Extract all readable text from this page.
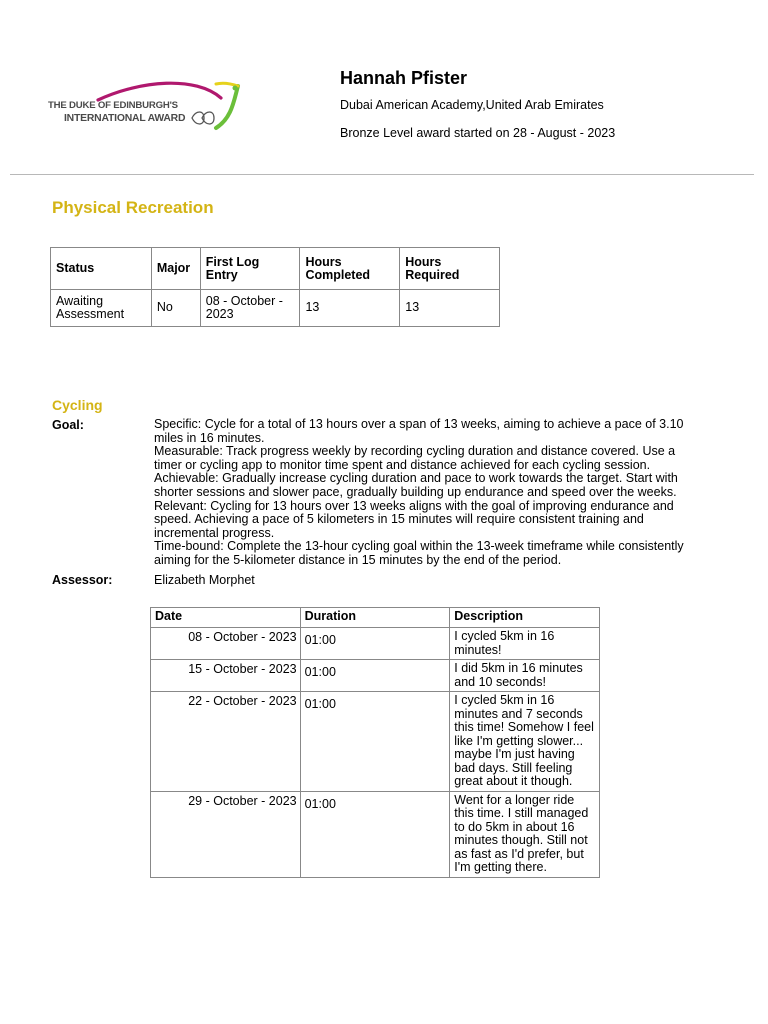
THE DUKE OF EDINBURGH'S
INTERNATIONAL AWARD
Hannah Pfister
Dubai American Academy,United Arab Emirates
Bronze Level award started on 28 - August - 2023
Physical Recreation
Status	Major	First Log Entry	Hours Completed	Hours Required
Awaiting Assessment	No	08 - October - 2023	13	13
Cycling
Goal:	Specific: Cycle for a total of 13 hours over a span of 13 weeks, aiming to achieve a pace of 3.10 miles in 16 minutes.
Measurable: Track progress weekly by recording cycling duration and distance covered. Use a timer or cycling app to monitor time spent and distance achieved for each cycling session.
Achievable: Gradually increase cycling duration and pace to work towards the target. Start with shorter sessions and slower pace, gradually building up endurance and speed over the weeks.
Relevant: Cycling for 13 hours over 13 weeks aligns with the goal of improving endurance and speed. Achieving a pace of 5 kilometers in 15 minutes will require consistent training and incremental progress.
Time-bound: Complete the 13-hour cycling goal within the 13-week timeframe while consistently aiming for the 5-kilometer distance in 15 minutes by the end of the period.
Assessor:	Elizabeth Morphet
Date	Duration	Description
08 - October - 2023	01:00	I cycled 5km in 16 minutes!
15 - October - 2023	01:00	I did 5km in 16 minutes and 10 seconds!
22 - October - 2023	01:00	I cycled 5km in 16 minutes and 7 seconds this time! Somehow I feel like I'm getting slower... maybe I'm just having bad days. Still feeling great about it though.
29 - October - 2023	01:00	Went for a longer ride this time. I still managed to do 5km in about 16 minutes though. Still not as fast as I'd prefer, but I'm getting there.
